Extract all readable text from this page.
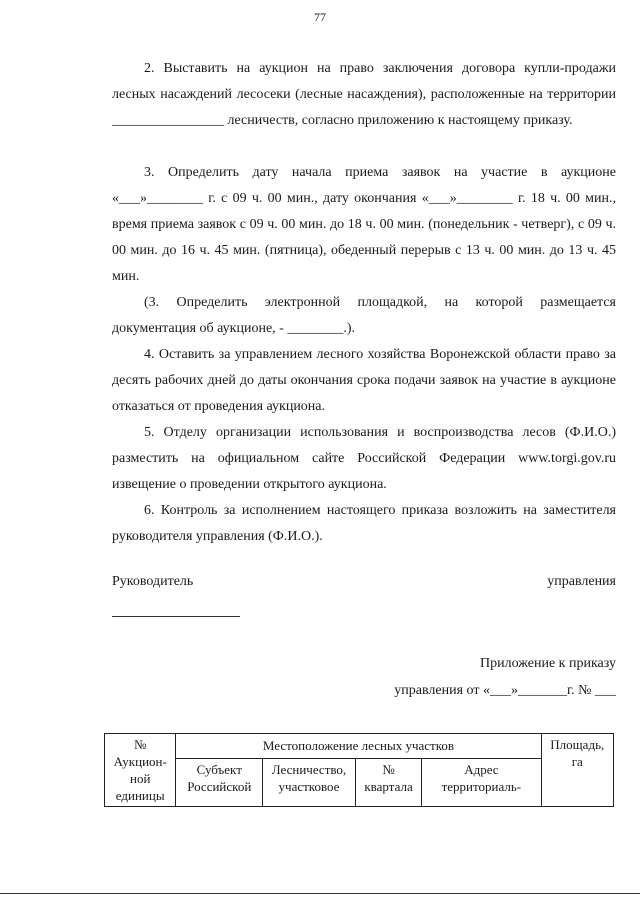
77

2. Выставить на аукцион на право заключения договора купли-продажи лесных насаждений лесосеки (лесные насаждения), расположенные на территории ________________ лесничеств, согласно приложению к настоящему приказу.

3. Определить дату начала приема заявок на участие в аукционе «___»________ г. с 09 ч. 00 мин., дату окончания «___»________ г. 18 ч. 00 мин., время приема заявок с 09 ч. 00 мин. до 18 ч. 00 мин. (понедельник - четверг), с 09 ч. 00 мин. до 16 ч. 45 мин. (пятница), обеденный перерыв с 13 ч. 00 мин. до 13 ч. 45 мин.

(3. Определить электронной площадкой, на которой размещается документация об аукционе, - ________.).

4. Оставить за управлением лесного хозяйства Воронежской области право за десять рабочих дней до даты окончания срока подачи заявок на участие в аукционе отказаться от проведения аукциона.

5. Отделу организации использования и воспроизводства лесов (Ф.И.О.) разместить на официальном сайте Российской Федерации www.torgi.gov.ru извещение о проведении открытого аукциона.

6. Контроль за исполнением настоящего приказа возложить на заместителя руководителя управления (Ф.И.О.).

Руководитель	управления
Приложение к приказу
управления от «___»_______г. № ___
№ Аукцион-ной единицы	Местоположение лесных участков				Площадь, га
	Субъект Российской	Лесничество, участковое	№ квартала	Адрес территориаль-	
